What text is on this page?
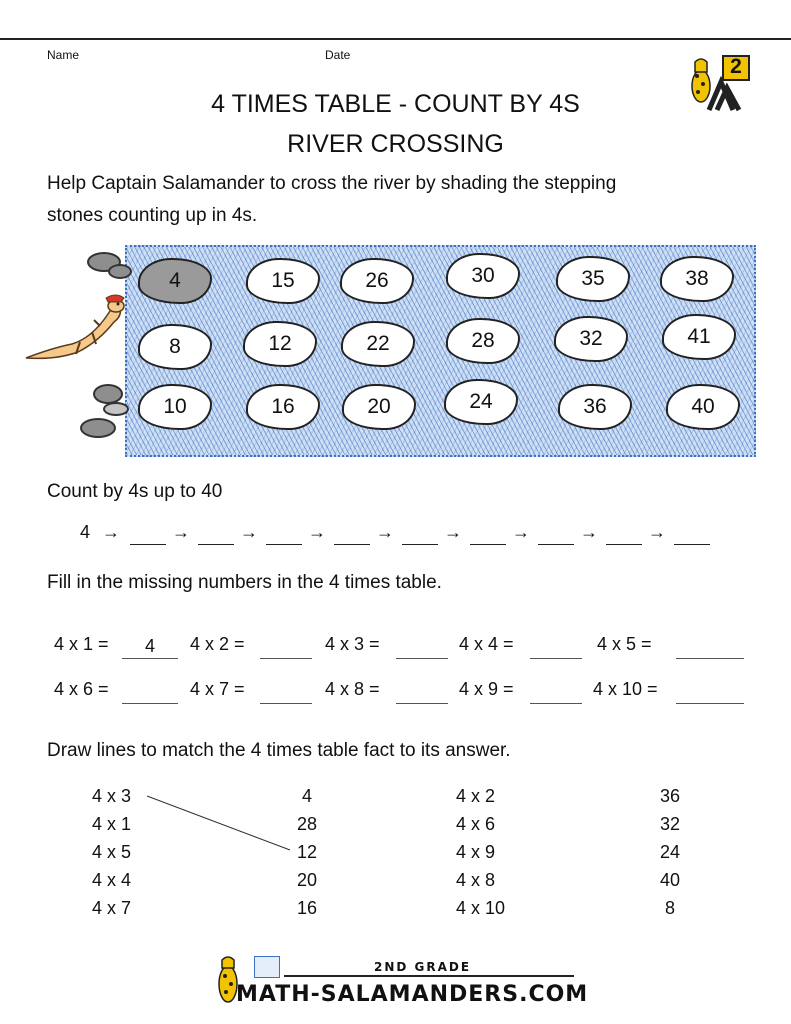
Name	Date	2
4 TIMES TABLE - COUNT BY 4S
RIVER CROSSING
Help Captain Salamander to cross the river by shading the stepping
stones counting up in 4s.
4	15	26	30	35	38
8	12	22	28	32	41
10	16	20	24	36	40
Count by 4s up to 40
4 →	→	→	→	→	→	→	→	→
Fill in the missing numbers in the 4 times table.
4 x 1 =	4	4 x 2 =	4 x 3 =	4 x 4 =	4 x 5 =
4 x 6 =	4 x 7 =	4 x 8 =	4 x 9 =	4 x 10 =
Draw lines to match the 4 times table fact to its answer.
4 x 3
4 x 1
4 x 5
4 x 4
4 x 7
4
28
12
20
16
4 x 2
4 x 6
4 x 9
4 x 8
4 x 10
36
32
24
40
8
2ND GRADE
MATH-SALAMANDERS.COM
